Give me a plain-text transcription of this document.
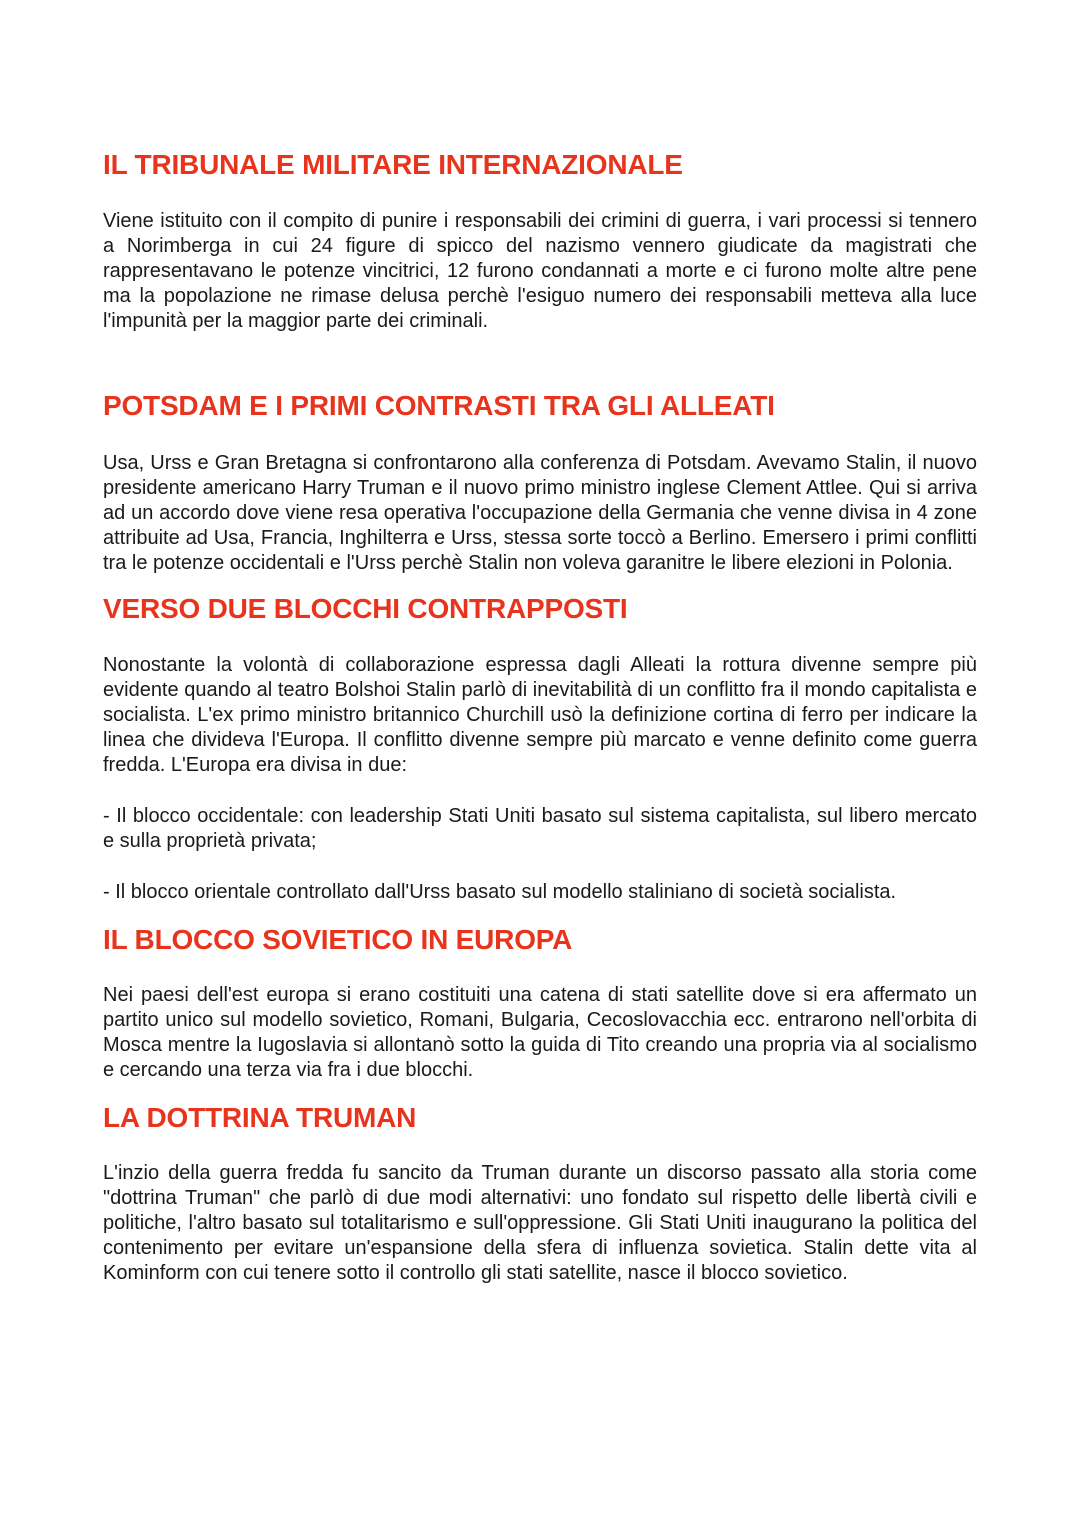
IL TRIBUNALE MILITARE INTERNAZIONALE

Viene istituito con il compito di punire i responsabili dei crimini di guerra, i vari processi si tennero a Norimberga in cui 24 figure di spicco del nazismo vennero giudicate da magistrati che rappresentavano le potenze vincitrici, 12 furono condannati a morte e ci furono molte altre pene ma la popolazione ne rimase delusa perchè l'esiguo numero dei responsabili metteva alla luce l'impunità per la maggior parte dei criminali.

POTSDAM E I PRIMI CONTRASTI TRA GLI ALLEATI

Usa, Urss e Gran Bretagna si confrontarono alla conferenza di Potsdam. Avevamo Stalin, il nuovo presidente americano Harry Truman e il nuovo primo ministro inglese Clement Attlee. Qui si arriva ad un accordo dove viene resa operativa l'occupazione della Germania che venne divisa in 4 zone attribuite ad Usa, Francia, Inghilterra e Urss, stessa sorte toccò a Berlino. Emersero i primi conflitti tra le potenze occidentali e l'Urss perchè Stalin non voleva garanitre le libere elezioni in Polonia.

VERSO DUE BLOCCHI CONTRAPPOSTI

Nonostante la volontà di collaborazione espressa dagli Alleati la rottura divenne sempre più evidente quando al teatro Bolshoi Stalin parlò di inevitabilità di un conflitto fra il mondo capitalista e socialista. L'ex primo ministro britannico Churchill usò la definizione cortina di ferro per indicare la linea che divideva l'Europa. Il conflitto divenne sempre più marcato e venne definito come guerra fredda. L'Europa era divisa in due:

- Il blocco occidentale: con leadership Stati Uniti basato sul sistema capitalista, sul libero mercato e sulla proprietà privata;

- Il blocco orientale controllato dall'Urss basato sul modello staliniano di società socialista.

IL BLOCCO SOVIETICO IN EUROPA

Nei paesi dell'est europa si erano costituiti una catena di stati satellite dove si era affermato un partito unico sul modello sovietico, Romani, Bulgaria, Cecoslovacchia ecc. entrarono nell'orbita di Mosca mentre la Iugoslavia si allontanò sotto la guida di Tito creando una propria via al socialismo e cercando una terza via fra i due blocchi.

LA DOTTRINA TRUMAN

L'inzio della guerra fredda fu sancito da Truman durante un discorso passato alla storia come "dottrina Truman" che parlò di due modi alternativi: uno fondato sul rispetto delle libertà civili e politiche, l'altro basato sul totalitarismo e sull'oppressione. Gli Stati Uniti inaugurano la politica del contenimento per evitare un'espansione della sfera di influenza sovietica. Stalin dette vita al Kominform con cui tenere sotto il controllo gli stati satellite, nasce il blocco sovietico.
